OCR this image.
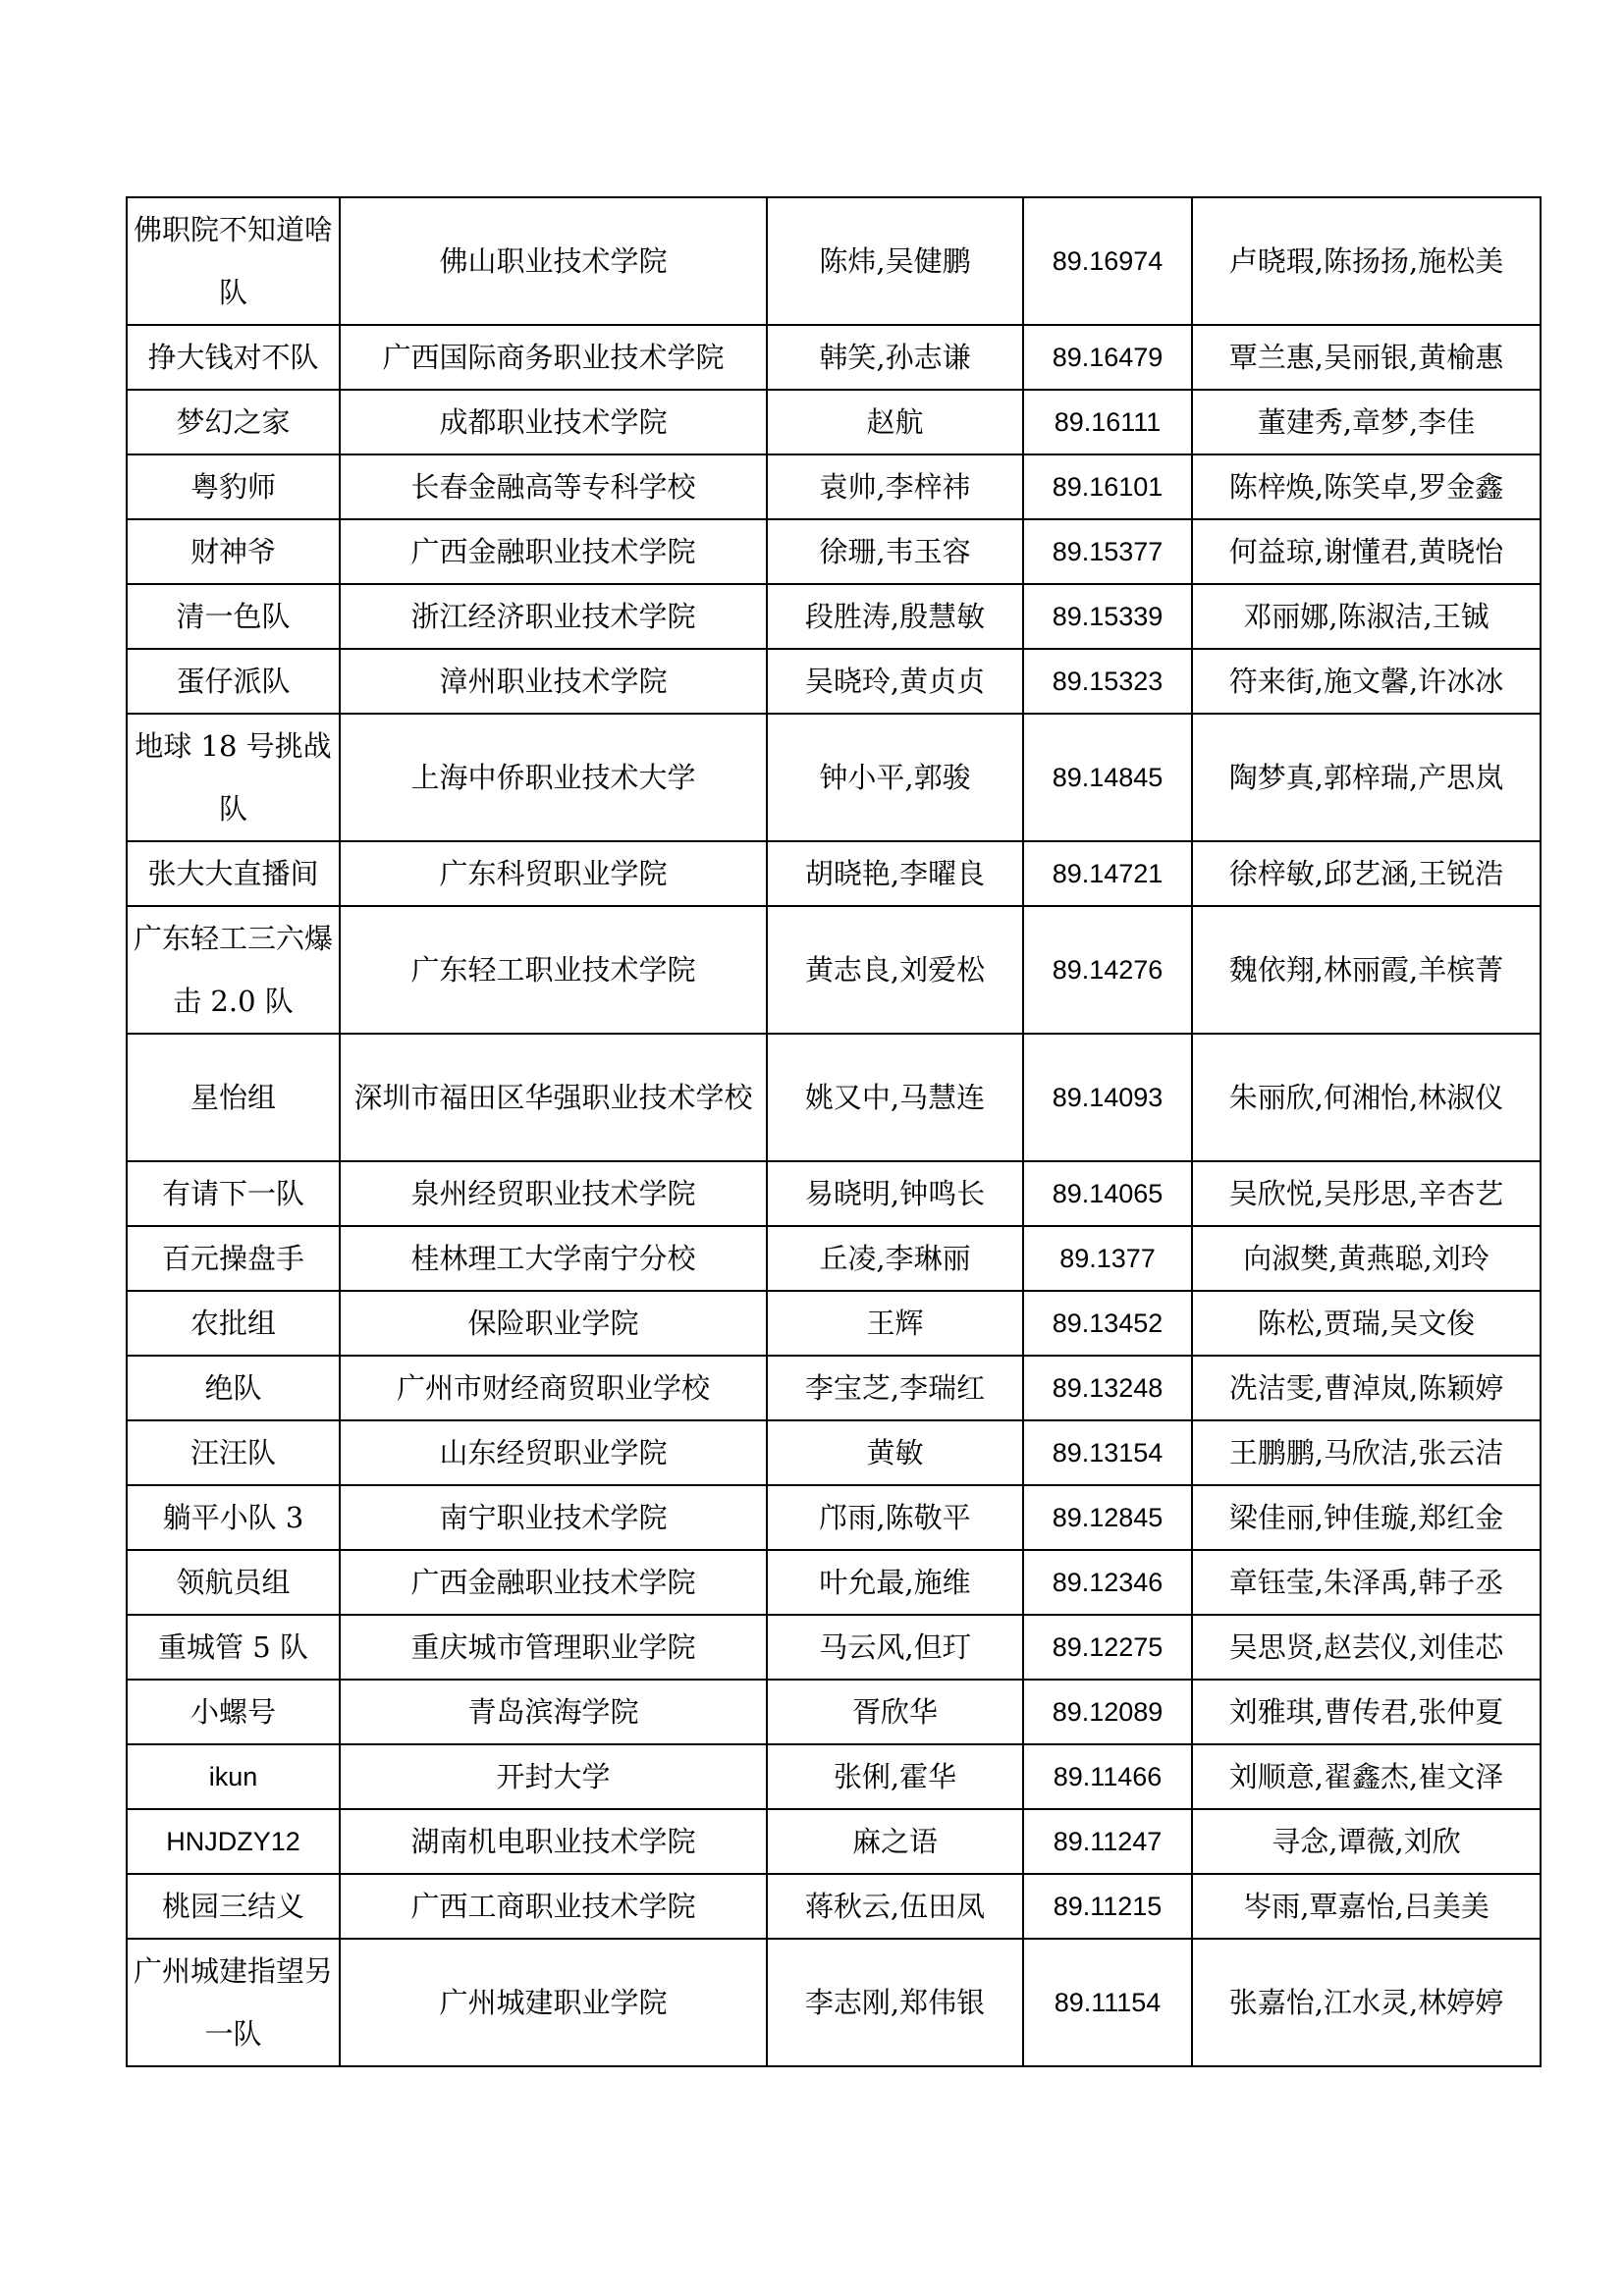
佛职院不知道啥队	佛山职业技术学院	陈炜,吴健鹏	89.16974	卢晓瑕,陈扬扬,施松美
挣大钱对不队	广西国际商务职业技术学院	韩笑,孙志谦	89.16479	覃兰惠,吴丽银,黄榆惠
梦幻之家	成都职业技术学院	赵航	89.16111	董建秀,章梦,李佳
粤豹师	长春金融高等专科学校	袁帅,李梓祎	89.16101	陈梓焕,陈笑卓,罗金鑫
财神爷	广西金融职业技术学院	徐珊,韦玉容	89.15377	何益琼,谢懂君,黄晓怡
清一色队	浙江经济职业技术学院	段胜涛,殷慧敏	89.15339	邓丽娜,陈淑洁,王铖
蛋仔派队	漳州职业技术学院	吴晓玲,黄贞贞	89.15323	符来街,施文馨,许冰冰
地球 18 号挑战队	上海中侨职业技术大学	钟小平,郭骏	89.14845	陶梦真,郭梓瑞,产思岚
张大大直播间	广东科贸职业学院	胡晓艳,李曜良	89.14721	徐梓敏,邱艺涵,王锐浩
广东轻工三六爆击 2.0 队	广东轻工职业技术学院	黄志良,刘爱松	89.14276	魏依翔,林丽霞,羊槟菁
星怡组	深圳市福田区华强职业技术学校	姚又中,马慧连	89.14093	朱丽欣,何湘怡,林淑仪
有请下一队	泉州经贸职业技术学院	易晓明,钟鸣长	89.14065	吴欣悦,吴彤思,辛杏艺
百元操盘手	桂林理工大学南宁分校	丘凌,李琳丽	89.1377	向淑樊,黄燕聪,刘玲
农批组	保险职业学院	王辉	89.13452	陈松,贾瑞,吴文俊
绝队	广州市财经商贸职业学校	李宝芝,李瑞红	89.13248	冼洁雯,曹淖岚,陈颖婷
汪汪队	山东经贸职业学院	黄敏	89.13154	王鹏鹏,马欣洁,张云洁
躺平小队 3	南宁职业技术学院	邝雨,陈敬平	89.12845	梁佳丽,钟佳璇,郑红金
领航员组	广西金融职业技术学院	叶允最,施维	89.12346	章钰莹,朱泽禹,韩子丞
重城管 5 队	重庆城市管理职业学院	马云风,但玎	89.12275	吴思贤,赵芸仪,刘佳芯
小螺号	青岛滨海学院	胥欣华	89.12089	刘雅琪,曹传君,张仲夏
ikun	开封大学	张俐,霍华	89.11466	刘顺意,翟鑫杰,崔文泽
HNJDZY12	湖南机电职业技术学院	麻之语	89.11247	寻念,谭薇,刘欣
桃园三结义	广西工商职业技术学院	蒋秋云,伍田凤	89.11215	岑雨,覃嘉怡,吕美美
广州城建指望另一队	广州城建职业学院	李志刚,郑伟银	89.11154	张嘉怡,江水灵,林婷婷
